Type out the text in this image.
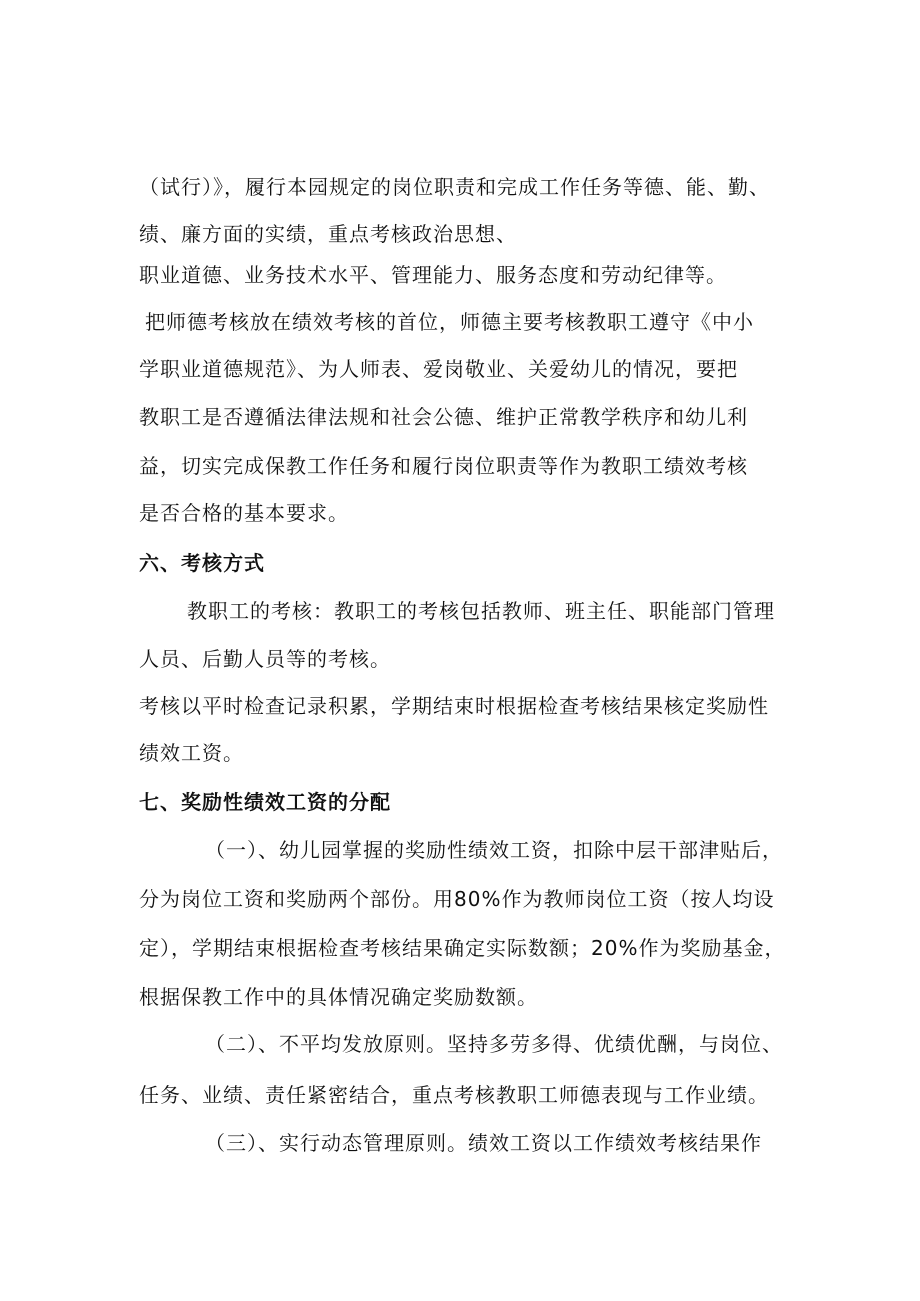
（试行）》，履行本园规定的岗位职责和完成工作任务等德、能、勤、
绩、廉方面的实绩，重点考核政治思想、
职业道德、业务技术水平、管理能力、服务态度和劳动纪律等。
把师德考核放在绩效考核的首位，师德主要考核教职工遵守《中小
学职业道德规范》、为人师表、爱岗敬业、关爱幼儿的情况，要把
教职工是否遵循法律法规和社会公德、维护正常教学秩序和幼儿利
益，切实完成保教工作任务和履行岗位职责等作为教职工绩效考核
是否合格的基本要求。
六、考核方式
教职工的考核：教职工的考核包括教师、班主任、职能部门管理
人员、后勤人员等的考核。
考核以平时检查记录积累，学期结束时根据检查考核结果核定奖励性
绩效工资。
七、奖励性绩效工资的分配
（一）、幼儿园掌握的奖励性绩效工资，扣除中层干部津贴后，
分为岗位工资和奖励两个部份。用80%作为教师岗位工资（按人均设
定），学期结束根据检查考核结果确定实际数额；20%作为奖励基金，
根据保教工作中的具体情况确定奖励数额。
（二）、不平均发放原则。坚持多劳多得、优绩优酬，与岗位、
任务、业绩、责任紧密结合，重点考核教职工师德表现与工作业绩。
（三）、实行动态管理原则。绩效工资以工作绩效考核结果作
